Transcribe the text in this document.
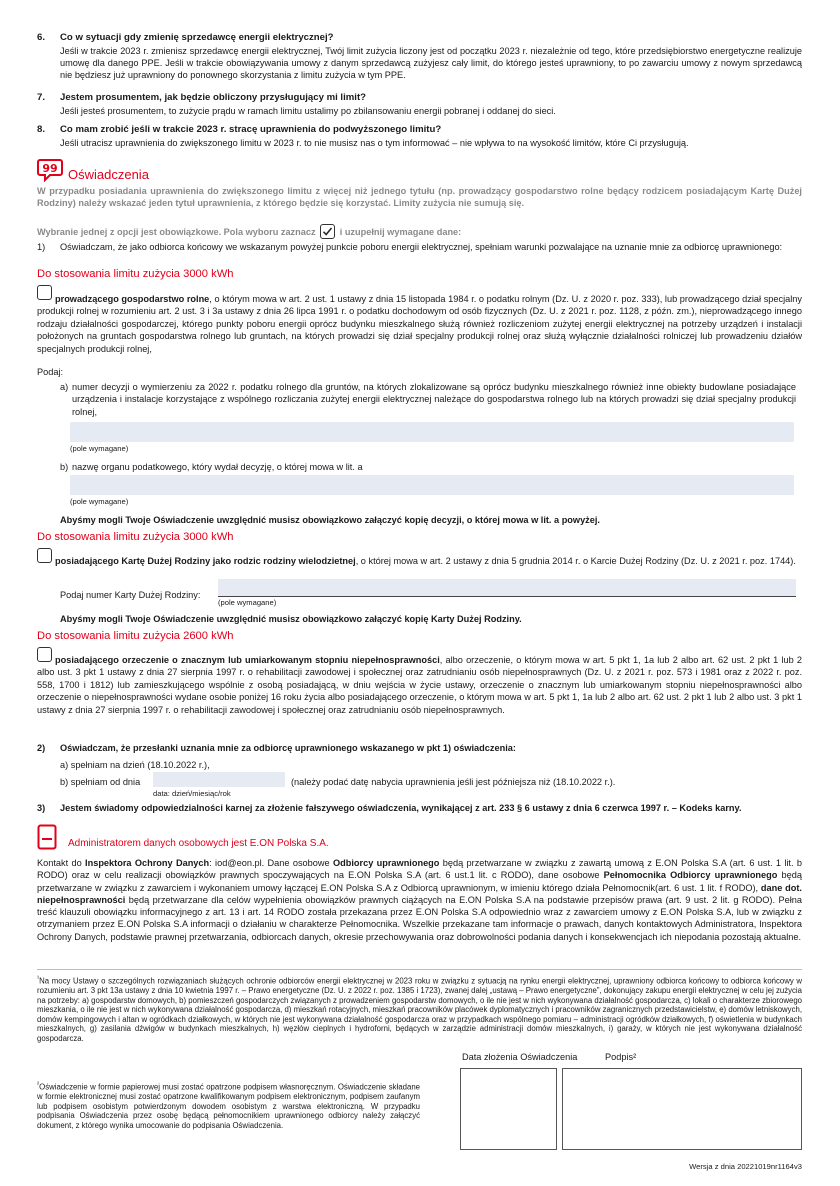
6. Co w sytuacji gdy zmienię sprzedawcę energii elektrycznej?
Jeśli w trakcie 2023 r. zmienisz sprzedawcę energii elektrycznej, Twój limit zużycia liczony jest od początku 2023 r. niezależnie od tego, które przedsiębiorstwo energetyczne realizuje umowę dla danego PPE. Jeśli w trakcie obowiązywania umowy z danym sprzedawcą zużyjesz cały limit, do którego jesteś uprawniony, to po zawarciu umowy z nowym sprzedawcą nie będziesz już uprawniony do ponownego skorzystania z limitu zużycia w tym PPE.
7. Jestem prosumentem, jak będzie obliczony przysługujący mi limit?
Jeśli jesteś prosumentem, to zużycie prądu w ramach limitu ustalimy po zbilansowaniu energii pobranej i oddanej do sieci.
8. Co mam zrobić jeśli w trakcie 2023 r. stracę uprawnienia do podwyższonego limitu?
Jeśli utracisz uprawnienia do zwiększonego limitu w 2023 r. to nie musisz nas o tym informować – nie wpływa to na wysokość limitów, które Ci przysługują.
99 Oświadczenia
W przypadku posiadania uprawnienia do zwiększonego limitu z więcej niż jednego tytułu (np. prowadzący gospodarstwo rolne będący rodzicem posiadającym Kartę Dużej Rodziny) należy wskazać jeden tytuł uprawnienia, z którego będzie się korzystać. Limity zużycia nie sumują się.
Wybranie jednej z opcji jest obowiązkowe. Pola wyboru zaznacz	i uzupełnij wymagane dane:
1) Oświadczam, że jako odbiorca końcowy we wskazanym powyżej punkcie poboru energii elektrycznej, spełniam warunki pozwalające na uznanie mnie za odbiorcę uprawnionego:
Do stosowania limitu zużycia 3000 kWh
prowadzącego gospodarstwo rolne, o którym mowa w art. 2 ust. 1 ustawy z dnia 15 listopada 1984 r. o podatku rolnym (Dz. U. z 2020 r. poz. 333), lub prowadzącego dział specjalny produkcji rolnej w rozumieniu art. 2 ust. 3 i 3a ustawy z dnia 26 lipca 1991 r. o podatku dochodowym od osób fizycznych (Dz. U. z 2021 r. poz. 1128, z późn. zm.), nieprowadzącego innego rodzaju działalności gospodarczej, którego punkty poboru energii oprócz budynku mieszkalnego służą również rozliczeniom zużytej energii elektrycznej na potrzeby urządzeń i instalacji położonych na gruntach gospodarstwa rolnego lub gruntach, na których prowadzi się dział specjalny produkcji rolnej oraz służą wyłącznie działalności rolniczej lub prowadzeniu działów specjalnych produkcji rolnej,
Podaj:
a) numer decyzji o wymierzeniu za 2022 r. podatku rolnego dla gruntów, na których zlokalizowane są oprócz budynku mieszkalnego również inne obiekty budowlane posiadające urządzenia i instalacje korzystające z wspólnego rozliczania zużytej energii elektrycznej należące do gospodarstwa rolnego lub na których prowadzi się dział specjalny produkcji rolnej,
(pole wymagane)
b) nazwę organu podatkowego, który wydał decyzję, o której mowa w lit. a
(pole wymagane)
Abyśmy mogli Twoje Oświadczenie uwzględnić musisz obowiązkowo załączyć kopię decyzji, o której mowa w lit. a powyżej.
Do stosowania limitu zużycia 3000 kWh
posiadającego Kartę Dużej Rodziny jako rodzic rodziny wielodzietnej, o której mowa w art. 2 ustawy z dnia 5 grudnia 2014 r. o Karcie Dużej Rodziny (Dz. U. z 2021 r. poz. 1744).
Podaj numer Karty Dużej Rodziny:
(pole wymagane)
Abyśmy mogli Twoje Oświadczenie uwzględnić musisz obowiązkowo załączyć kopię Karty Dużej Rodziny.
Do stosowania limitu zużycia 2600 kWh
posiadającego orzeczenie o znacznym lub umiarkowanym stopniu niepełnosprawności, albo orzeczenie, o którym mowa w art. 5 pkt 1, 1a lub 2 albo art. 62 ust. 2 pkt 1 lub 2 albo ust. 3 pkt 1 ustawy z dnia 27 sierpnia 1997 r. o rehabilitacji zawodowej i społecznej oraz zatrudnianiu osób niepełnosprawnych (Dz. U. z 2021 r. poz. 573 i 1981 oraz z 2022 r. poz. 558, 1700 i 1812) lub zamieszkującego wspólnie z osobą posiadającą, w dniu wejścia w życie ustawy, orzeczenie o znacznym lub umiarkowanym stopniu niepełnosprawności albo orzeczenie o niepełnosprawności wydane osobie poniżej 16 roku życia albo posiadającego orzeczenie, o którym mowa w art. 5 pkt 1, 1a lub 2 albo art. 62 ust. 2 pkt 1 lub 2 albo ust. 3 pkt 1 ustawy z dnia 27 sierpnia 1997 r. o rehabilitacji zawodowej i społecznej oraz zatrudnianiu osób niepełnosprawnych.
2) Oświadczam, że przesłanki uznania mnie za odbiorcę uprawnionego wskazanego w pkt 1) oświadczenia:
a) spełniam na dzień (18.10.2022 r.),
b) spełniam od dnia	(należy podać datę nabycia uprawnienia jeśli jest późniejsza niż (18.10.2022 r.).
data: dzień/miesiąc/rok
3) Jestem świadomy odpowiedzialności karnej za złożenie fałszywego oświadczenia, wynikającej z art. 233 § 6 ustawy z dnia 6 czerwca 1997 r. – Kodeks karny.
Administratorem danych osobowych jest E.ON Polska S.A.
Kontakt do Inspektora Ochrony Danych: iod@eon.pl. Dane osobowe Odbiorcy uprawnionego będą przetwarzane w związku z zawartą umową z E.ON Polska S.A (art. 6 ust. 1 lit. b RODO) oraz w celu realizacji obowiązków prawnych spoczywających na E.ON Polska S.A (art. 6 ust.1 lit. c RODO), dane osobowe Pełnomocnika Odbiorcy uprawnionego będą przetwarzane w związku z zawarciem i wykonaniem umowy łączącej E.ON Polska S.A z Odbiorcą uprawnionym, w imieniu którego działa Pełnomocnik(art. 6 ust. 1 lit. f RODO), dane dot. niepełnosprawności będą przetwarzane dla celów wypełnienia obowiązków prawnych ciążących na E.ON Polska S.A na podstawie przepisów prawa (art. 9 ust. 2 lit. g RODO). Pełna treść klauzuli obowiązku informacyjnego z art. 13 i art. 14 RODO została przekazana przez E.ON Polska S.A odpowiednio wraz z zawarciem umowy z E.ON Polska S.A, lub w związku z otrzymaniem przez E.ON Polska S.A informacji o działaniu w charakterze Pełnomocnika. Wszelkie przekazane tam informacje o prawach, danych kontaktowych Administratora, Inspektora Ochrony Danych, podstawie prawnej przetwarzania, odbiorcach danych, okresie przechowywania oraz dobrowolności podania danych i konsekwencjach ich niepodania pozostają aktualne.
$^{^1}$Na mocy Ustawy o szczególnych rozwiązaniach służących ochronie odbiorców energii elektrycznej w 2023 roku w związku z sytuacją na rynku energii elektrycznej, uprawniony odbiorca końcowy to odbiorca końcowy w rozumieniu art. 3 pkt 13a ustawy z dnia 10 kwietnia 1997 r. – Prawo energetyczne (Dz. U. z 2022 r. poz. 1385 i 1723), zwanej dalej „ustawą – Prawo energetyczne”, dokonujący zakupu energii elektrycznej w celu jej zużycia na potrzeby: a) gospodarstw domowych, b) pomieszczeń gospodarczych związanych z prowadzeniem gospodarstw domowych, o ile nie jest w nich wykonywana działalność gospodarcza, c) lokali o charakterze zbiorowego mieszkania, o ile nie jest w nich wykonywana działalność gospodarcza, d) mieszkań rotacyjnych, mieszkań pracowników placówek dyplomatycznych i pracowników zagranicznych przedstawicielstw, e) domów letniskowych, domów kempingowych i altan w ogródkach działkowych, w których nie jest wykonywana działalność gospodarcza oraz w przypadkach wspólnego pomiaru – administracji ogródków działkowych, f) oświetlenia w budynkach mieszkalnych, g) zasilania dźwigów w budynkach mieszkalnych, h) węzłów cieplnych i hydroforni, będących w zarządzie administracji domów mieszkalnych, i) garaży, w których nie jest wykonywana działalność gospodarcza.
$^{^2}$Oświadczenie w formie papierowej musi zostać opatrzone podpisem własnoręcznym. Oświadczenie składane w formie elektronicznej musi zostać opatrzone kwalifikowanym podpisem elektronicznym, podpisem zaufanym lub podpisem osobistym potwierdzonym dowodem osobistym z warstwa elektroniczną. W przypadku podpisania Oświadczenia przez osobę będącą pełnomocnikiem uprawnionego odbiorcy należy załączyć dokument, z którego wynika umocowanie do podpisania Oświadczenia.
Data złożenia Oświadczenia	Podpis²
Wersja z dnia 20221019nr1164v3
